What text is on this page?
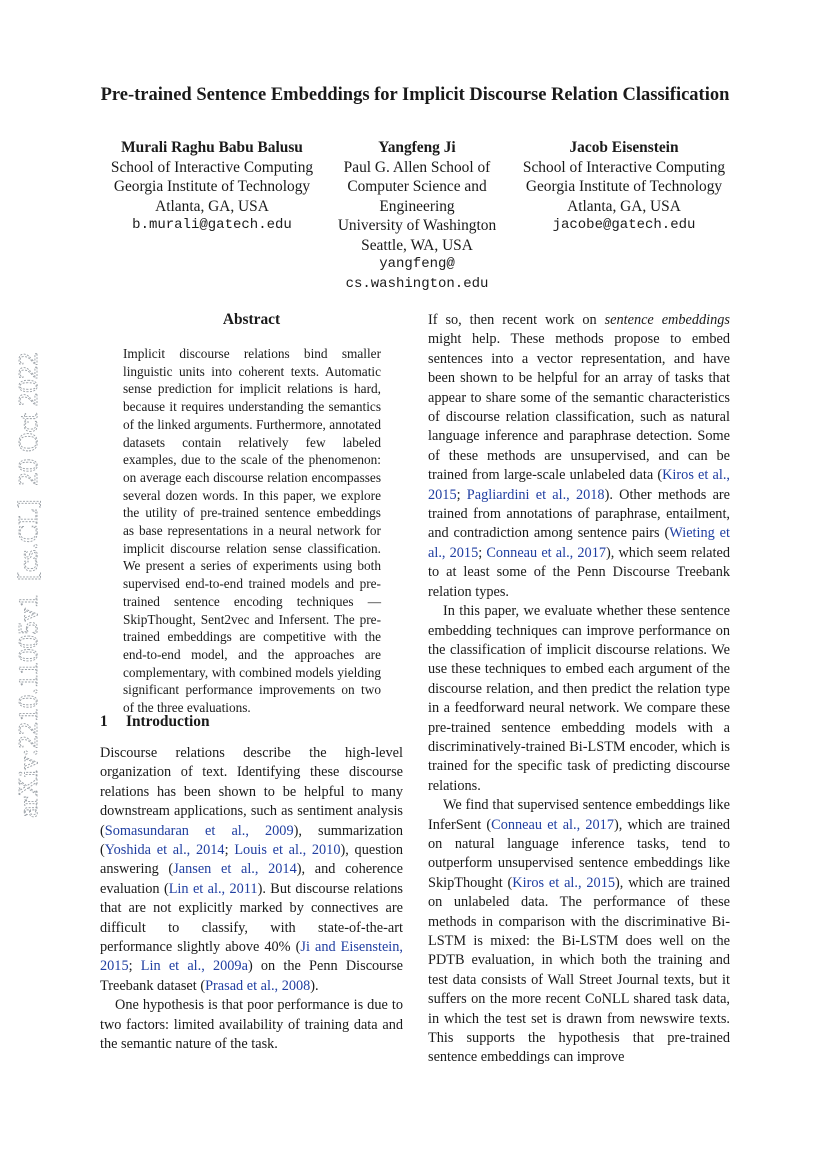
arXiv:2210.11005v1  [cs.CL]  20 Oct 2022
Pre-trained Sentence Embeddings for Implicit Discourse Relation Classification
Murali Raghu Babu Balusu
School of Interactive Computing
Georgia Institute of Technology
Atlanta, GA, USA
b.murali@gatech.edu
Yangfeng Ji
Paul G. Allen School of
Computer Science and
Engineering
University of Washington
Seattle, WA, USA
yangfeng@
cs.washington.edu
Jacob Eisenstein
School of Interactive Computing
Georgia Institute of Technology
Atlanta, GA, USA
jacobe@gatech.edu
Abstract

Implicit discourse relations bind smaller linguistic units into coherent texts. Automatic sense prediction for implicit relations is hard, because it requires understanding the semantics of the linked arguments. Furthermore, annotated datasets contain relatively few labeled examples, due to the scale of the phenomenon: on average each discourse relation encompasses several dozen words. In this paper, we explore the utility of pre-trained sentence embeddings as base representations in a neural network for implicit discourse relation sense classification. We present a series of experiments using both supervised end-to-end trained models and pre-trained sentence encoding techniques — SkipThought, Sent2vec and Infersent. The pre-trained embeddings are competitive with the end-to-end model, and the approaches are complementary, with combined models yielding significant performance improvements on two of the three evaluations.

1 Introduction

Discourse relations describe the high-level organization of text. Identifying these discourse relations has been shown to be helpful to many downstream applications, such as sentiment analysis (Somasundaran et al., 2009), summarization (Yoshida et al., 2014; Louis et al., 2010), question answering (Jansen et al., 2014), and coherence evaluation (Lin et al., 2011). But discourse relations that are not explicitly marked by connectives are difficult to classify, with state-of-the-art performance slightly above 40% (Ji and Eisenstein, 2015; Lin et al., 2009a) on the Penn Discourse Treebank dataset (Prasad et al., 2008).

One hypothesis is that poor performance is due to two factors: limited availability of training data and the semantic nature of the task.

If so, then recent work on sentence embeddings might help. These methods propose to embed sentences into a vector representation, and have been shown to be helpful for an array of tasks that appear to share some of the semantic characteristics of discourse relation classification, such as natural language inference and paraphrase detection. Some of these methods are unsupervised, and can be trained from large-scale unlabeled data (Kiros et al., 2015; Pagliardini et al., 2018). Other methods are trained from annotations of paraphrase, entailment, and contradiction among sentence pairs (Wieting et al., 2015; Conneau et al., 2017), which seem related to at least some of the Penn Discourse Treebank relation types.

In this paper, we evaluate whether these sentence embedding techniques can improve performance on the classification of implicit discourse relations. We use these techniques to embed each argument of the discourse relation, and then predict the relation type in a feedforward neural network. We compare these pre-trained sentence embedding models with a discriminatively-trained Bi-LSTM encoder, which is trained for the specific task of predicting discourse relations.

We find that supervised sentence embeddings like InferSent (Conneau et al., 2017), which are trained on natural language inference tasks, tend to outperform unsupervised sentence embeddings like SkipThought (Kiros et al., 2015), which are trained on unlabeled data. The performance of these methods in comparison with the discriminative Bi-LSTM is mixed: the Bi-LSTM does well on the PDTB evaluation, in which both the training and test data consists of Wall Street Journal texts, but it suffers on the more recent CoNLL shared task data, in which the test set is drawn from newswire texts. This supports the hypothesis that pre-trained sentence embeddings can improve
